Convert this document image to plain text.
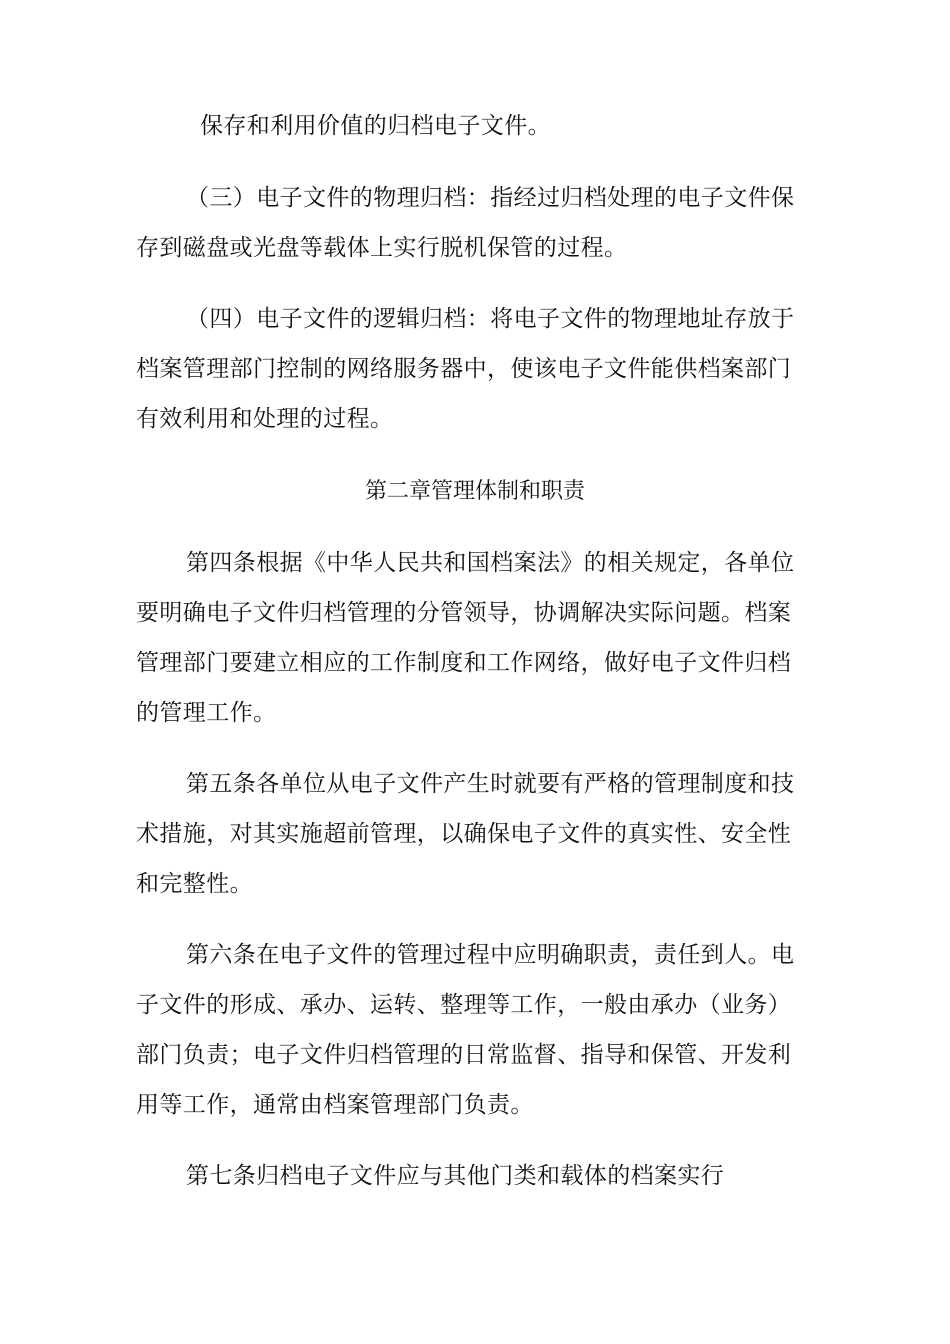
保存和利用价值的归档电子文件。
（三）电子文件的物理归档：指经过归档处理的电子文件保
存到磁盘或光盘等载体上实行脱机保管的过程。
（四）电子文件的逻辑归档：将电子文件的物理地址存放于
档案管理部门控制的网络服务器中，使该电子文件能供档案部门
有效利用和处理的过程。
第二章管理体制和职责
第四条根据《中华人民共和国档案法》的相关规定，各单位
要明确电子文件归档管理的分管领导，协调解决实际问题。档案
管理部门要建立相应的工作制度和工作网络，做好电子文件归档
的管理工作。
第五条各单位从电子文件产生时就要有严格的管理制度和技
术措施，对其实施超前管理，以确保电子文件的真实性、安全性
和完整性。
第六条在电子文件的管理过程中应明确职责，责任到人。电
子文件的形成、承办、运转、整理等工作，一般由承办（业务）
部门负责；电子文件归档管理的日常监督、指导和保管、开发利
用等工作，通常由档案管理部门负责。
第七条归档电子文件应与其他门类和载体的档案实行
